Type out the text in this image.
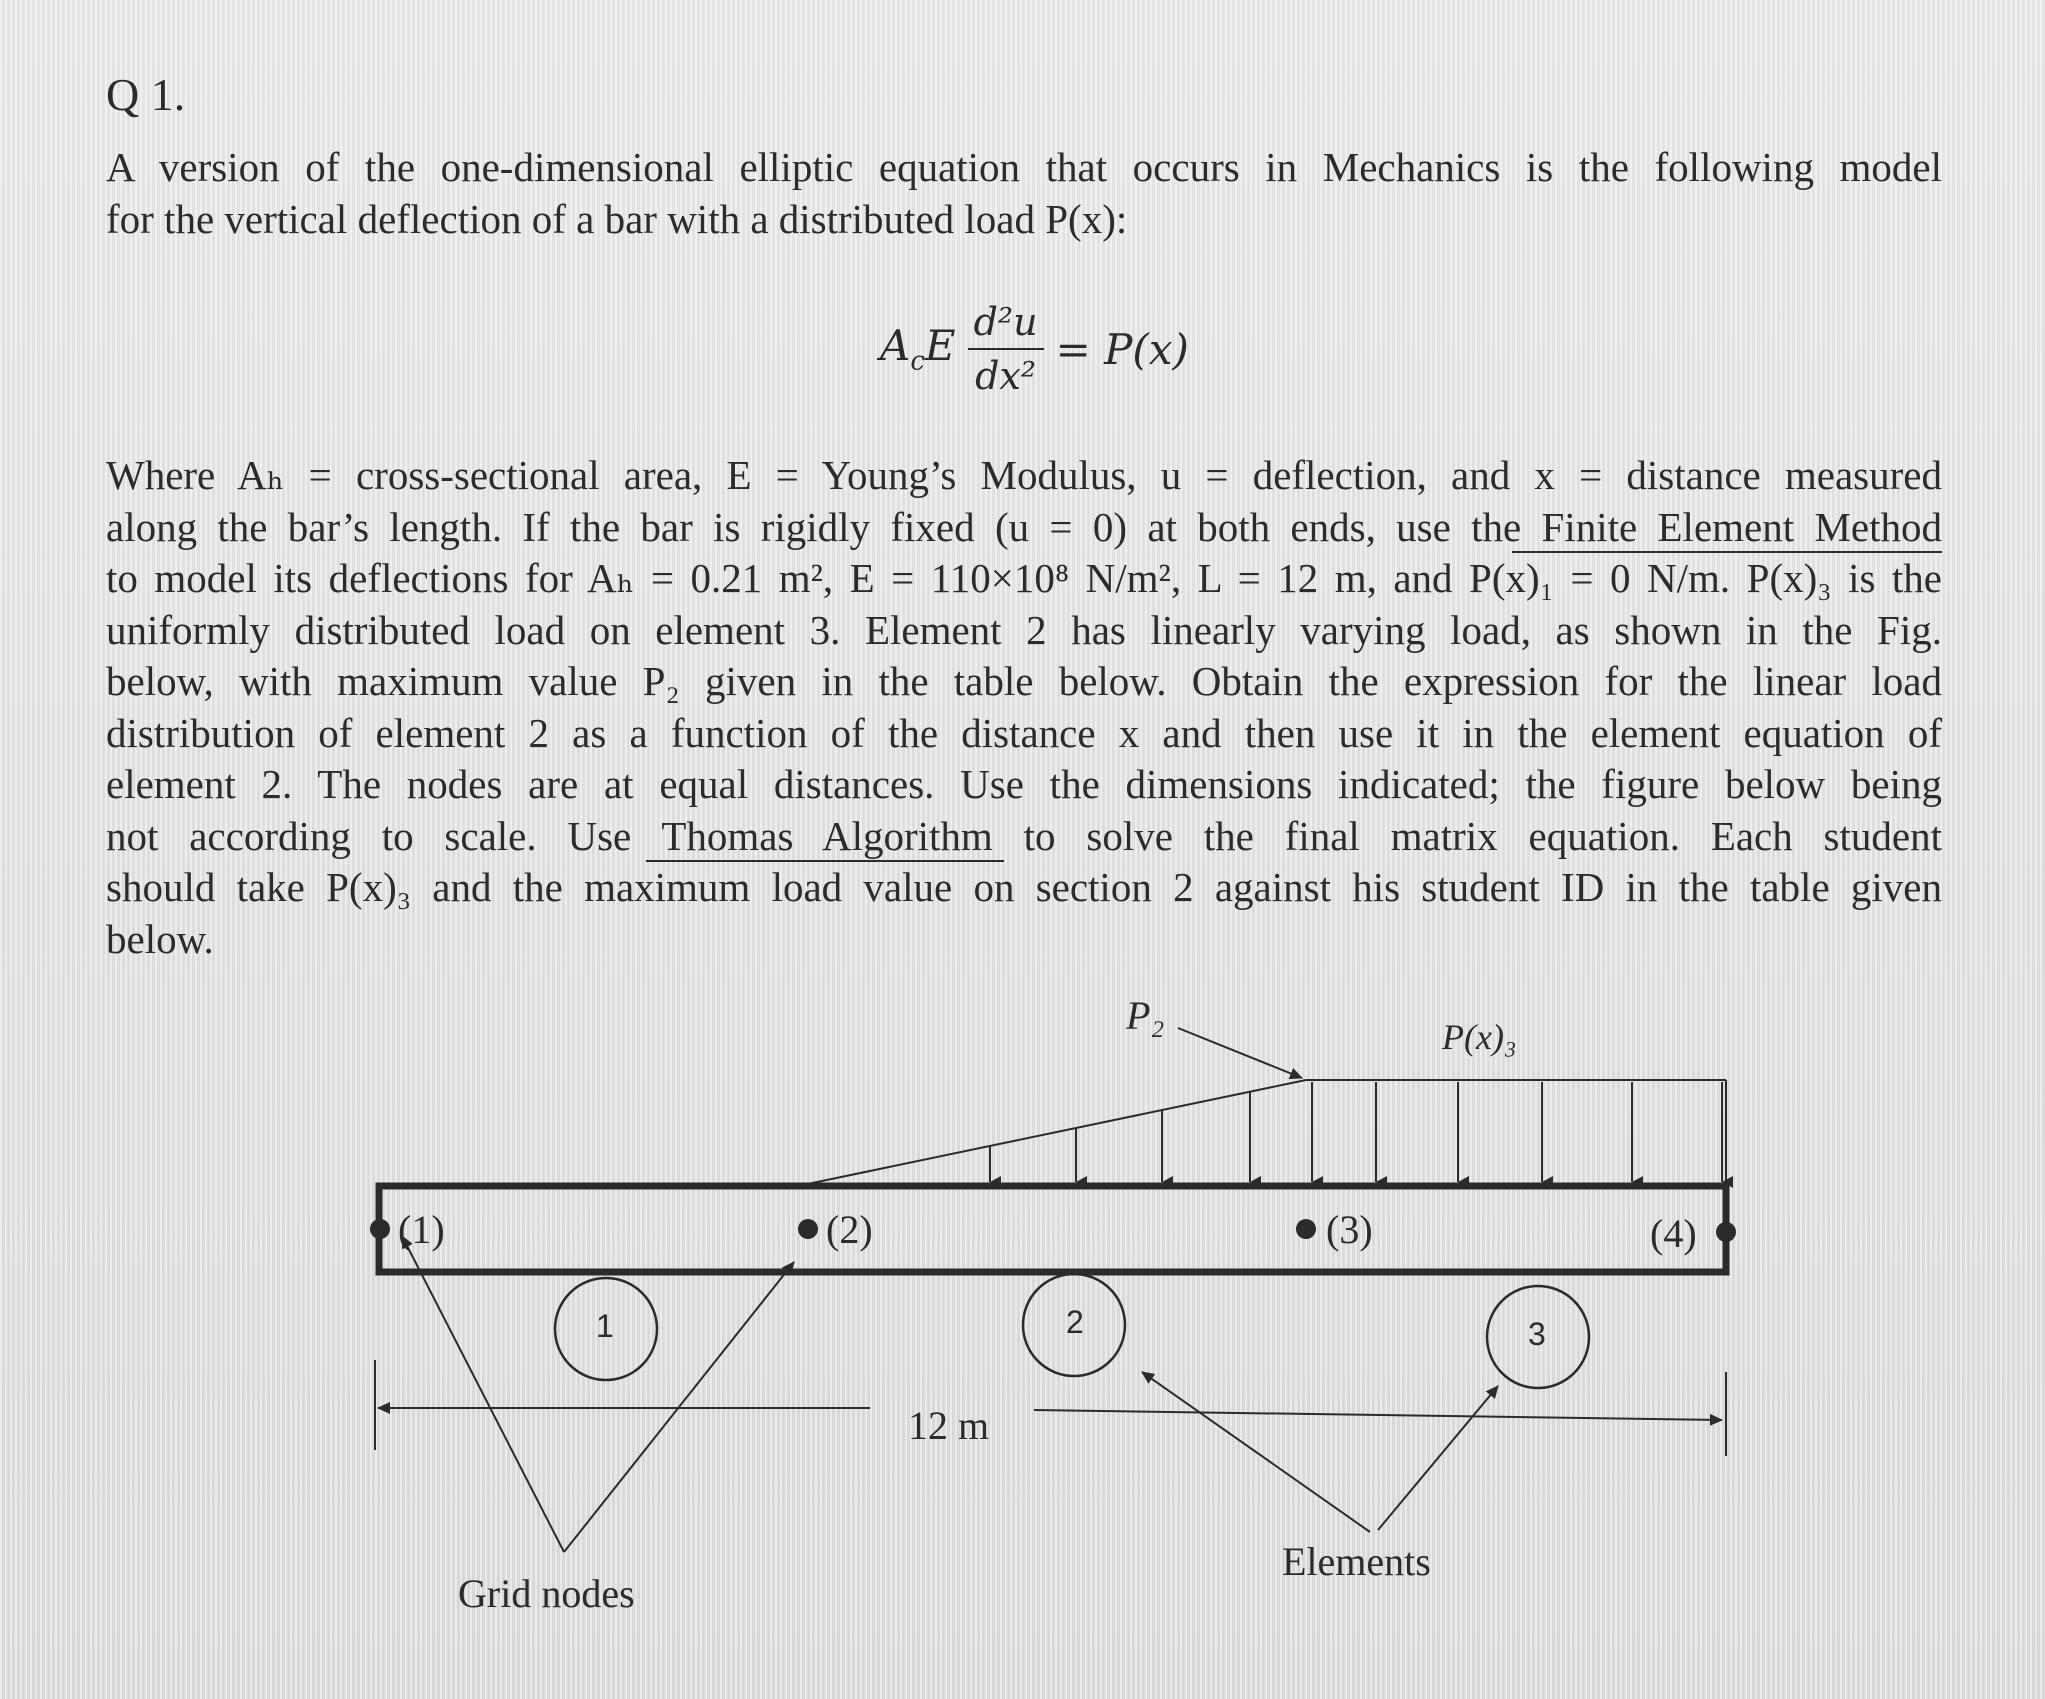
Q 1.

A version of the one-dimensional elliptic equation that occurs in Mechanics is the following model
for the vertical deflection of a bar with a distributed load P(x):

$A_cE \frac{\text{d²u}}{\text{dx²}} = P(x)$

Where Aₕ = cross-sectional area, E = Young’s Modulus, u = deflection, and x = distance measured
along the bar’s length. If the bar is rigidly fixed (u = 0) at both ends, use the Finite Element Method
to model its deflections for Aₕ = 0.21 m², E = 110×10⁸ N/m², L = 12 m, and P(x)₁ = 0 N/m. P(x)₃ is the
uniformly distributed load on element 3. Element 2 has linearly varying load, as shown in the Fig.
below, with maximum value P₂ given in the table below. Obtain the expression for the linear load
distribution of element 2 as a function of the distance x and then use it in the element equation of
element 2. The nodes are at equal distances. Use the dimensions indicated; the figure below being
not according to scale. Use Thomas Algorithm to solve the final matrix equation. Each student
should take P(x)₃ and the maximum load value on section 2 against his student ID in the table given
below.

P₂	P(x)₃
(1)	(2)	(3)	(4)
1	2	3
12 m
Grid nodes
Elements
